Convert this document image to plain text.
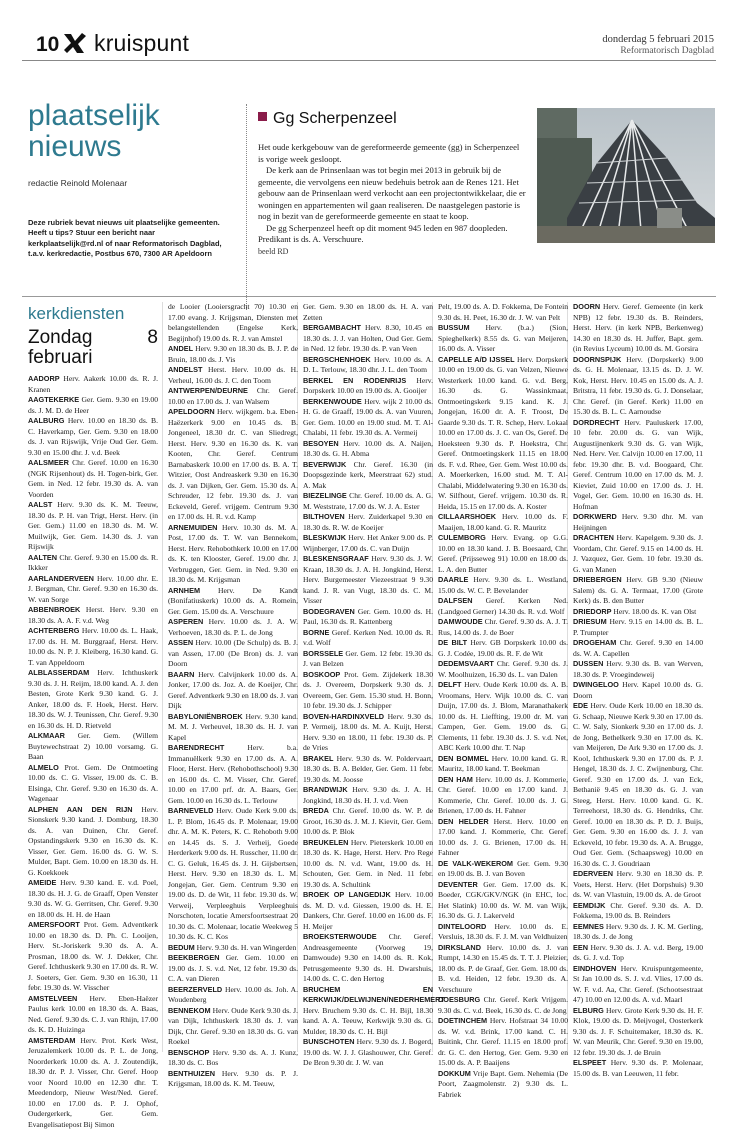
10 kruispunt	donderdag 5 februari 2015
Reformatorisch Dagblad
plaatselijk
nieuws
redactie Reinold Molenaar
Deze rubriek bevat nieuws uit plaatselijke gemeenten. Heeft u tips? Stuur een bericht naar kerkplaatselijk@rd.nl of naar Reformatorisch Dagblad, t.a.v. kerkredactie, Postbus 670, 7300 AR Apeldoorn
Gg Scherpenzeel

Het oude kerkgebouw van de gereformeerde gemeente (gg) in Scherpenzeel is vorige week gesloopt.

De kerk aan de Prinsenlaan was tot begin mei 2013 in gebruik bij de gemeente, die vervolgens een nieuw bedehuis betrok aan de Renes 121. Het gebouw aan de Prinsenlaan werd verkocht aan een projectontwikkelaar, die er woningen en appartementen wil gaan realiseren. De naastgelegen pastorie is nog in bezit van de gereformeerde gemeente en staat te koop.

De gg Scherpenzeel heeft op dit moment 945 leden en 987 doopleden. Predikant is ds. A. Verschuure.

beeld RD
kerkdiensten
Zondag 8 februari
AADORP Herv. Aakerk 10.00 ds. R. J. Kranen
AAGTEKERKE Ger. Gem. 9.30 en 19.00 ds. J. M. D. de Heer
AALBURG Herv. 10.00 en 18.30 ds. B. C. Haverkamp, Ger. Gem. 9.30 en 18.00 ds. J. van Rijswijk, Vrije Oud Ger. Gem. 9.30 en 15.00 dhr. J. v.d. Beek
AALSMEER Chr. Geref. 10.00 en 16.30 (NGK Rijsenhout) ds. H. Togen-birk, Ger. Gem. in Ned. 12 febr. 19.30 ds. A. van Voorden
AALST Herv. 9.30 ds. K. M. Teeuw, 18.30 ds. P. H. van Trigt, Herst. Herv. (in Ger. Gem.) 11.00 en 18.30 ds. M. W. Muilwijk, Ger. Gem. 14.30 ds. J. van Rijswijk
AALTEN Chr. Geref. 9.30 en 15.00 ds. R. Ikkker
AARLANDERVEEN Herv. 10.00 dhr. E. J. Bergman, Chr. Geref. 9.30 en 16.30 ds. W. van Sorge
ABBENBROEK Herst. Herv. 9.30 en 18.30 ds. A. A. F. v.d. Weg
ACHTERBERG Herv. 10.00 ds. L. Haak, 17.00 ds. H. M. Burggraaf, Herst. Herv. 10.00 ds. N. P. J. Kleiberg, 16.30 kand. G. T. van Appeldoorn
ALBLASSERDAM Herv. Ichthuskerk 9.30 ds. J. H. Reijm, 18.00 kand. A. J. den Besten, Grote Kerk 9.30 kand. G. J. Anker, 18.00 ds. F. Hoek, Herst. Herv. 18.30 ds. W. J. Teunissen, Chr. Geref. 9.30 en 16.30 ds. H. D. Rietveld
ALKMAAR Ger. Gem. (Willem Buytewechstraat 2) 10.00 vorsamg. G. Baan
ALMELO Prot. Gem. De Ontmoeting 10.00 ds. C. G. Visser, 19.00 ds. C. B. Elsinga, Chr. Geref. 9.30 en 16.30 ds. A. Wagenaar
ALPHEN AAN DEN RIJN Herv. Sionskerk 9.30 kand. J. Domburg, 18.30 ds. A. van Duinen, Chr. Geref. Opstandingskerk 9.30 en 16.30 ds. K. Visser, Ger. Gem. 16.00 ds. G. W. S. Mulder, Bapt. Gem. 10.00 en 18.30 ds. H. G. Koekkoek
AMEIDE Herv. 9.30 kand. E. v.d. Poel, 18.30 ds. H. J. G. de Graaff, Open Venster 9.30 ds. W. G. Gerritsen, Chr. Geref. 9.30 en 18.00 ds. H. H. de Haan
AMERSFOORT Prot. Gem. Adventkerk 10.00 en 18.30 ds. D. Ph. C. Looijen, Herv. St.-Joriskerk 9.30 ds. A. A. Prosman, 18.00 ds. W. J. Dekker, Chr. Geref. Ichthuskerk 9.30 en 17.00 ds. R. W. J. Soeters, Ger. Gem. 9.30 en 16.30, 11 febr. 19.30 ds. W. Visscher
AMSTELVEEN Herv. Eben-Haëzer Paulus kerk 10.00 en 18.30 ds. A. Baas, Ned. Geref. 9.30 ds. C. J. van Rhijn, 17.00 ds. K. D. Huizinga
AMSTERDAM Herv. Prot. Kerk West, Jeruzalemkerk 10.00 ds. P. L. de Jong, Noorderkerk 10.00 ds. A. J. Zoutendijk, 18.30 dr. P. J. Visser, Chr. Geref. Hoop voor Noord 10.00 en 12.30 dhr. T. Meedendorp, Nieuw West/Ned. Geref. 10.00 en 17.00 ds. P. J. Ophof, Oudergerkerk, Ger. Gem. Evangelisatiepost Bij Simon
de Looier (Looiersgracht 70) 10.30 en 17.00 evang. J. Krijgsman, Diensten met belangstellenden (Engelse Kerk, Begijnhof) 19.00 ds. R. J. van Amstel
ANDEL Herv. 9.30 en 18.30 ds. B. J. P. de Bruin, 18.00 ds. J. Vis
ANDELST Herst. Herv. 10.00 ds. H. Verheul, 16.00 ds. J. C. den Toom
ANTWERPEN/DEURNE Chr. Geref. 10.00 en 17.00 ds. J. van Walsem
APELDOORN Herv. wijkgem. b.a. Eben-Haëzerkerk 9.00 en 10.45 ds. B. Jongeneel, 18.30 dr. C. van Sliedregt, Herst. Herv. 9.30 en 16.30 ds. K. van Kooten, Chr. Geref. Centrum Barnabaskerk 10.00 en 17.00 ds. B. A. T. Witzier, Oost Andreaskerk 9.30 en 16.30 ds. J. van Dijken, Ger. Gem. 15.30 ds. A. Schreuder, 12 febr. 19.30 ds. J. van Eckeveld, Geref. vrijgem. Centrum 9.30 en 17.00 ds. H. R. v.d. Kamp
ARNEMUIDEN Herv. 10.30 ds. M. A. Post, 17.00 ds. T. W. van Bennekom, Herst. Herv. Rehobothkerk 10.00 en 17.00 ds. K. ten Klooster, Geref. 19.00 dhr. J. Verbruggen, Ger. Gem. in Ned. 9.30 en 18.30 ds. M. Krijgsman
ARNHEM Herv. De Kandt (Bonifatiuskerk) 10.00 ds. A. Romein, Ger. Gem. 15.00 ds. A. Verschuure
ASPEREN Herv. 10.00 ds. J. A. W. Verhoeven, 18.30 ds. P. L. de Jong
ASSEN Herv. 10.00 (De Schulp) ds. B. J. van Assen, 17.00 (De Bron) ds. J. van Doorn
BAARN Herv. Calvijnkerk 10.00 ds. A. Jonker, 17.00 ds. Joz. A. de Koeijer, Chr. Geref. Adventkerk 9.30 en 18.00 ds. J. van Dijk
BABYLONIËNBROEK Herv. 9.30 kand. M. M. J. Verheuvel, 18.30 ds. H. J. van Kapel
BARENDRECHT	Herv. b.a. Immanuëlkerk 9.30 en 17.00 ds. A. A. Floor, Herst. Herv. (Rehobothschool) 9.30 en 16.00 ds. C. M. Visser, Chr. Geref. 10.00 en 17.00 prf. dr. A. Baars, Ger. Gem. 10.00 en 16.30 ds. L. Terlouw
BARNEVELD Herv. Oude Kerk 9.00 ds. L. P. Blom, 16.45 ds. P. Molenaar, 19.00 dhr. A. M. K. Peters, K. C. Rehoboth 9.00 en 14.45 ds. S. J. Verheij, Goede Herderkerk 9.00 ds. H. Russcher, 11.00 dr. C. G. Geluk, 16.45 ds. J. H. Gijsbertsen, Herst. Herv. 9.30 en 18.30 ds. L. M. Jongejan, Ger. Gem. Centrum 9.30 en 19.00 ds. D. de Wit, 11 febr. 19.30 ds. W. Verweij, Verpleeghuis Verpleeghuis Norschoten, locatie Amersfoortsestraat 20 10.30 ds. C. Molenaar, locatie Weekweg 5 10.30 ds. K. C. Kos
BEDUM Herv. 9.30 ds. H. van Wingerden
BEEKBERGEN Ger. Gem. 10.00 en 19.00 ds. J. S. v.d. Net, 12 febr. 19.30 ds. C. A. van Dieren
BEERZERVELD Herv. 10.00 ds. Joh. A. Woudenberg
BENNEKOM Herv. Oude Kerk 9.30 ds. J. van Dijk, Ichthuskerk 18.30 ds. J. van Dijk, Chr. Geref. 9.30 en 18.30 ds. G. van Roekel
BENSCHOP Herv. 9.30 ds. A. J. Kunz, 18.30 ds. C. Bos
BENTHUIZEN Herv. 9.30 ds. P. J. Krijgsman, 18.00 ds. K. M. Teeuw,
Ger. Gem. 9.30 en 18.00 ds. H. A. van Zetten
BERGAMBACHT Herv. 8.30, 10.45 en 18.30 ds. J. J. van Holten, Oud Ger. Gem. in Ned. 12 febr. 19.30 ds. P. van Veen
BERGSCHENHOEK Herv. 10.00 ds. A. D. L. Terlouw, 18.30 dhr. J. L. den Toom
BERKEL EN RODENRIJS Herv. Dorpskerk 10.00 en 19.00 ds. A. Gooijer
BERKENWOUDE Herv. wijk 2 10.00 ds. H. G. de Graaff, 19.00 ds. A. van Vuuren, Ger. Gem. 10.00 en 19.00 stud. M. T. Al-Chalabi, 11 febr. 19.30 ds. A. Vermeij
BESOYEN Herv. 10.00 ds. A. Naijen, 18.30 ds. G. H. Abma
BEVERWIJK Chr. Geref. 16.30 (in Doopsgezinde kerk, Meerstraat 62) stud. A. Mak
BIEZELINGE Chr. Geref. 10.00 ds. A. G. M. Weststrate, 17.00 ds. W. J. A. Ester
BILTHOVEN Herv. Zuiderkapel 9.30 en 18.30 ds. R. W. de Koeijer
BLESKWIJK Herv. Het Anker 9.00 ds. P. Wijnberger, 17.00 ds. C. van Duijn
BLESKENSGRAAF Herv. 9.30 ds. J. W. Kraan, 18.30 ds. J. A. H. Jongkind, Herst. Herv. Burgemeester Viezeestraat 9 9.30 kand. J. R. van Vugt, 18.30 ds. C. M. Visser
BODEGRAVEN Ger. Gem. 10.00 ds. H. Paul, 16.30 ds. R. Kattenberg
BORNE Geref. Kerken Ned. 10.00 ds. R. v.d. Wolf
BORSSELE Ger. Gem. 12 febr. 19.30 ds. J. van Belzen
BOSKOOP Prot. Gem. Zijdekerk 18.30 ds. J. Overeem, Dorpskerk 9.30 ds. J. Overeem, Ger. Gem. 15.30 stud. H. Bonn, 10 febr. 19.30 ds. J. Schipper
BOVEN-HARDINXVELD Herv. 9.30 ds. P. Vermeij, 18.00 ds. M. A. Kuijt, Herst. Herv. 9.30 en 18.00, 11 febr. 19.30 ds. P. de Vries
BRAKEL Herv. 9.30 ds. W. Poldervaart, 18.30 ds. B. A. Belder, Ger. Gem. 11 febr. 19.30 ds. M. Joosse
BRANDWIJK Herv. 9.30 ds. J. A. H. Jongkind, 18.30 ds. H. J. v.d. Veen
BREDA Chr. Geref. 10.00 ds. W. P. de Groot, 16.30 ds. J. M. J. Kievit, Ger. Gem. 10.00 ds. P. Blok
BREUKELEN Herv. Pieterskerk 10.00 en 18.30 ds. K. Hage, Herst. Herv. Pro Rege 10.00 ds. N. v.d. Want, 19.00 ds. H. Schouten, Ger. Gem. in Ned. 11 febr. 19.30 ds. A. Schultink
BROEK OP LANGEDIJK Herv. 10.00 ds. M. D. v.d. Giessen, 19.00 ds. H. E. Dankers, Chr. Geref. 10.00 en 16.00 ds. F. H. Meijer
BROEKSTERWOUDE Chr. Geref. Andreasgemeente (Voorweg 19, Damwoude) 9.30 en 14.00 ds. R. Kok, Petrusgemeente 9.30 ds. H. Dwarshuis, 14.00 ds. C. C. den Hertog
BRUCHEM EN KERKWIJK/DELWIJNEN/NEDERHEMERT Herv. Bruchem 9.30 ds. C. H. Bijl, 18.30 kand. A. A. Teeuw, Kerkwijk 9.30 ds. G. Mulder, 18.30 ds. C. H. Bijl
BUNSCHOTEN Herv. 9.30 ds. J. Bogerd, 19.00 ds. W. J. J. Glashouwer, Chr. Geref. De Bron 9.30 dr. J. W. van
Pelt, 19.00 ds. A. D. Fokkema, De Fontein 9.30 ds. H. Peet, 16.30 dr. J. W. van Pelt
BUSSUM Herv. (b.a.) (Sion, Spieghelkerk) 8.55 ds. G. van Meijeren, 16.00 ds. A. Visser
CAPELLE A/D IJSSEL Herv. Dorpskerk 10.00 en 19.00 ds. G. van Velzen, Nieuwe Westerkerk 10.00 kand. G. v.d. Berg, 16.30 ds. G. Wassinkmaat, Ontmoetingskerk 9.15 kand. K. J. Jongejan, 16.00 dr. A. F. Troost, De Gaarde 9.30 ds. T. R. Schep, Herv. Lokaal 10.00 en 17.00 ds. J. C. van Os, Geref. De Hoeksteen 9.30 ds. P. Hoekstra, Chr. Geref. Ontmoetingskerk 11.15 en 18.00 ds. F. v.d. Rhee, Ger. Gem. West 10.00 ds. A. Moerkerken, 16.00 stud. M. T. Al-Chalabi, Middelwatering 9.30 en 16.30 ds. W. Silfhout, Geref. vrijgem. 10.30 ds. R. Heida, 15.15 en 17.00 ds. A. Koster
CILLAARSHOEK Herv. 10.00 ds. F. Maaijen, 18.00 kand. G. R. Mauritz
CULEMBORG Herv. Evang. op G.G. 10.00 en 18.30 kand. J. B. Boesaard, Chr. Geref. (Prijsseweg 91) 10.00 en 18.00 ds. L. A. den Butter
DAARLE Herv. 9.30 ds. L. Westland, 15.00 ds. W. C. P. Bevelander
DALFSEN Geref. Kerken Ned. (Landgoed Gerner) 14.30 ds. R. v.d. Wolf
DAMWOUDE Chr. Geref. 9.30 ds. A. J. T. Rus, 14.00 ds. J. de Boer
DE BILT Herv. GB Dorpskerk 10.00 ds. G. J. Codée, 19.00 ds. R. F. de Wit
DEDEMSVAART Chr. Geref. 9.30 ds. J. W. Moolhuizen, 16.30 ds. L. van Dalen
DELFT Herv. Oude Kerk 10.00 ds. A. B. Vroomans, Herv. Wijk 10.00 ds. C. van Duijn, 17.00 ds. J. Blom, Maranathakerk 10.00 ds. H. Lieffting, 19.00 dr. M. van Campen, Ger. Gem. 19.00 ds. G. Clements, 11 febr. 19.30 ds. J. S. v.d. Net, ABC Kerk 10.00 dhr. T. Nap
DEN BOMMEL Herv. 10.00 kand. G. R. Mauritz, 18.00 kand. T. Beekman
DEN HAM Herv. 10.00 ds. J. Kommerie, Chr. Geref. 10.00 en 17.00 kand. J. Kommerie, Chr. Geref. 10.00 ds. J. G. Brienen, 17.00 ds. H. Fahner
DEN HELDER Herst. Herv. 10.00 en 17.00 kand. J. Kommerie, Chr. Geref. 10.00 ds. J. G. Brienen, 17.00 ds. H. Fahner
DE VALK-WEKEROM Ger. Gem. 9.30 en 19.00 ds. B. J. van Boven
DEVENTER Ger. Gem. 17.00 ds. K. Boeder, CGK/GKV/NGK (in EHC, loc. Het Slatink) 10.00 ds. W. M. van Wijk, 16.30 ds. G. J. Lakerveld
DINTELOORD Herv. 10.00 ds. E. Versluis, 18.30 ds. F. J. M. van Veldhuizen
DIRKSLAND Herv. 10.00 ds. J. van Rumpt, 14.30 en 15.45 ds. T. T. J. Pleizier, 18.00 ds. P. de Graaf, Ger. Gem. 18.00 ds. B. v.d. Heiden, 12 febr. 19.30 ds. A. Verschuure
DOESBURG Chr. Geref. Kerk Vrijgem. 9.30 ds. C. v.d. Beek, 16.30 ds. C. de Jong
DOETINCHEM Herv. Hofstraat 34 10.00 ds. W. v.d. Brink, 17.00 kand. C. H. Buitink, Chr. Geref. 11.15 en 18.00 prof. dr. G. C. den Hertog, Ger. Gem. 9.30 en 15.00 ds. A. P. Baaijens
DOKKUM Vrije Bapt. Gem. Nehemia (De Poort, Zaagmolenstr. 2) 9.30 ds. L. Fabriek
DOORN Herv. Geref. Gemeente (in kerk NPB) 12 febr. 19.30 ds. B. Reinders, Herst. Herv. (in kerk NPB, Berkenweg) 14.30 en 18.30 ds. H. Juffer, Bapt. gem. (in Revius Lyceum) 10.00 ds. M. Gorsira
DOORNSPIJK Herv. (Dorpskerk) 9.00 ds. G. H. Molenaar, 13.15 ds. D. J. W. Kok, Herst. Herv. 10.45 en 15.00 ds. A. J. Britstra, 11 febr. 19.30 ds. G. J. Donselaar, Chr. Geref. (in Geref. Kerk) 11.00 en 15.30 ds. B. L. C. Aarnoudse
DORDRECHT Herv. Pauluskerk 17.00, 10 febr. 20.00 ds. G. van Wijk, Augustijnenkerk 9.30 ds. G. van Wijk, Ned. Herv. Ver. Calvijn 10.00 en 17.00, 11 febr. 19.30 dhr. B. v.d. Boogaard, Chr. Geref. Centrum 10.00 en 17.00 ds. M. J. Kieviet, Zuid 10.00 en 17.00 ds. J. H. Vogel, Ger. Gem. 10.00 en 16.30 ds. H. Hofman
DORKWERD Herv. 9.30 dhr. M. van Heijningen
DRACHTEN Herv. Kapelgem. 9.30 ds. J. Voordam, Chr. Geref. 9.15 en 14.00 ds. H. J. Vazquez, Ger. Gem. 10 febr. 19.30 ds. G. van Manen
DRIEBERGEN Herv. GB 9.30 (Nieuw Salem) ds. G. A. Termaat, 17.00 (Grote Kerk) ds. B. den Butter
DRIEDORP Herv. 18.00 ds. K. van Olst
DRIESUM Herv. 9.15 en 14.00 ds. B. L. P. Trumpter
DROGEHAM Chr. Geref. 9.30 en 14.00 ds. W. A. Capellen
DUSSEN Herv. 9.30 ds. B. van Werven, 18.30 ds. P. Vroegindeweij
DWINGELOO Herv. Kapel 10.00 ds. G. Doorn
EDE Herv. Oude Kerk 10.00 en 18.30 ds. G. Schaap, Nieuwe Kerk 9.30 en 17.00 ds. C. W. Saly, Sionkerk 9.30 en 17.00 ds. J. de Jong, Bethelkerk 9.30 en 17.00 ds. K. van Meijeren, De Ark 9.30 en 17.00 ds. J. Kool, Ichthuskerk 9.30 en 17.00 ds. P. J. Hengel, 18.30 ds. J. C. Zwijnenburg, Chr. Geref. 9.30 en 17.00 ds. J. van Eck, Bethanië 9.45 en 18.30 ds. G. J. van Steeg, Herst. Herv. 10.00 kand. G. K. Terreehorst, 18.30 ds. G. Hendriks, Chr. Geref. 10.00 en 18.30 ds. P. D. J. Buijs, Ger. Gem. 9.30 en 16.00 ds. J. J. van Eckeveld, 10 febr. 19.30 ds. A. A. Brugge, Oud Ger. Gem. (Schaapsweg) 10.00 en 16.30 ds. C. J. Goudriaan
EDERVEEN Herv. 9.30 en 18.30 ds. P. Voets, Herst. Herv. (Het Dorpshuis) 9.30 ds. W. van Vlastuin, 19.00 ds. A. de Groot
EEMDIJK Chr. Geref. 9.30 ds. A. D. Fokkema, 19.00 ds. B. Reinders
EEMNES Herv. 9.30 ds. J. K. M. Gerling, 18.30 ds. J. de Jong
EEN Herv. 9.30 ds. J. A. v.d. Berg, 19.00 ds. G. J. v.d. Top
EINDHOVEN Herv. Kruispuntgemeente, St Jan 10.00 ds. S. J. v.d. Vlies, 17.00 ds. W. F. v.d. Aa, Chr. Geref. (Schootsestraat 47) 10.00 en 12.00 ds. A. v.d. Maarl
ELBURG Herv. Grote Kerk 9.30 ds. H. F. Klok, 19.00 ds. D. Meijvogel, Oosterkerk 9.30 ds. J. F. Schuitemaker, 18.30 ds. K. W. van Meurik, Chr. Geref. 9.30 en 19.00, 12 febr. 19.30 ds. J. de Bruin
ELSPEET Herv. 9.30 ds. P. Molenaar, 15.00 ds. B. van Leeuwen, 11 febr.
